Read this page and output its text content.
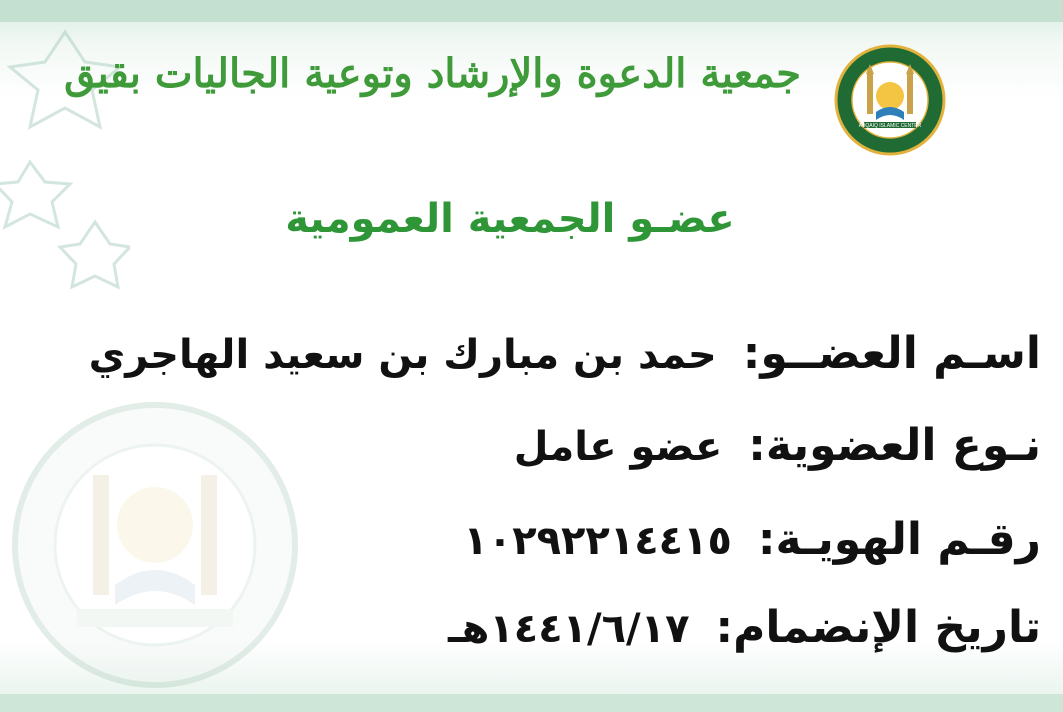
جمعية الدعوة والإرشاد وتوعية الجاليات بقيق
ABQAIQ ISLAMIC CENTER
عضـو الجمعية العمومية
اسـم العضــو:
حمد بن مبارك بن سعيد الهاجري
نـوع العضوية:
عضو عامل
رقـم الهويـة:
١٠٢٩٢٢١٤٤١٥
تاريخ الإنضمام:
١٤٤١/٦/١٧هـ
